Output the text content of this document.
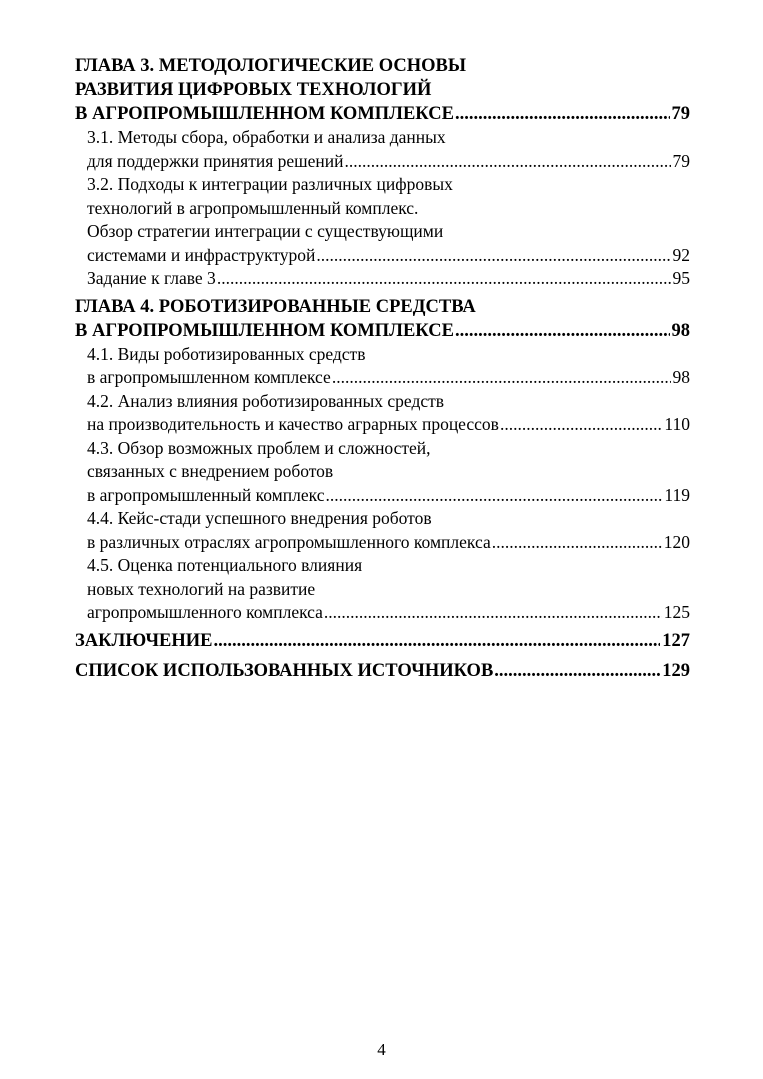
ГЛАВА 3. МЕТОДОЛОГИЧЕСКИЕ ОСНОВЫ
РАЗВИТИЯ ЦИФРОВЫХ ТЕХНОЛОГИЙ
В АГРОПРОМЫШЛЕННОМ КОМПЛЕКСЕ .....	79
3.1. Методы сбора, обработки и анализа данных
для поддержки принятия решений .....	79
3.2. Подходы к интеграции различных цифровых
технологий в агропромышленный комплекс.
Обзор стратегии интеграции с существующими
системами и инфраструктурой .....	92
Задание к главе 3 .....	95
ГЛАВА 4. РОБОТИЗИРОВАННЫЕ СРЕДСТВА
В АГРОПРОМЫШЛЕННОМ КОМПЛЕКСЕ .....	98
4.1. Виды роботизированных средств
в агропромышленном комплексе .....	98
4.2. Анализ влияния роботизированных средств
на производительность и качество аграрных процессов .....	110
4.3. Обзор возможных проблем и сложностей,
связанных с внедрением роботов
в агропромышленный комплекс .....	119
4.4. Кейс-стади успешного внедрения роботов
в различных отраслях агропромышленного комплекса .....	120
4.5. Оценка потенциального влияния
новых технологий на развитие
агропромышленного комплекса .....	125
ЗАКЛЮЧЕНИЕ .....	127
СПИСОК ИСПОЛЬЗОВАННЫХ ИСТОЧНИКОВ .....	129
4
